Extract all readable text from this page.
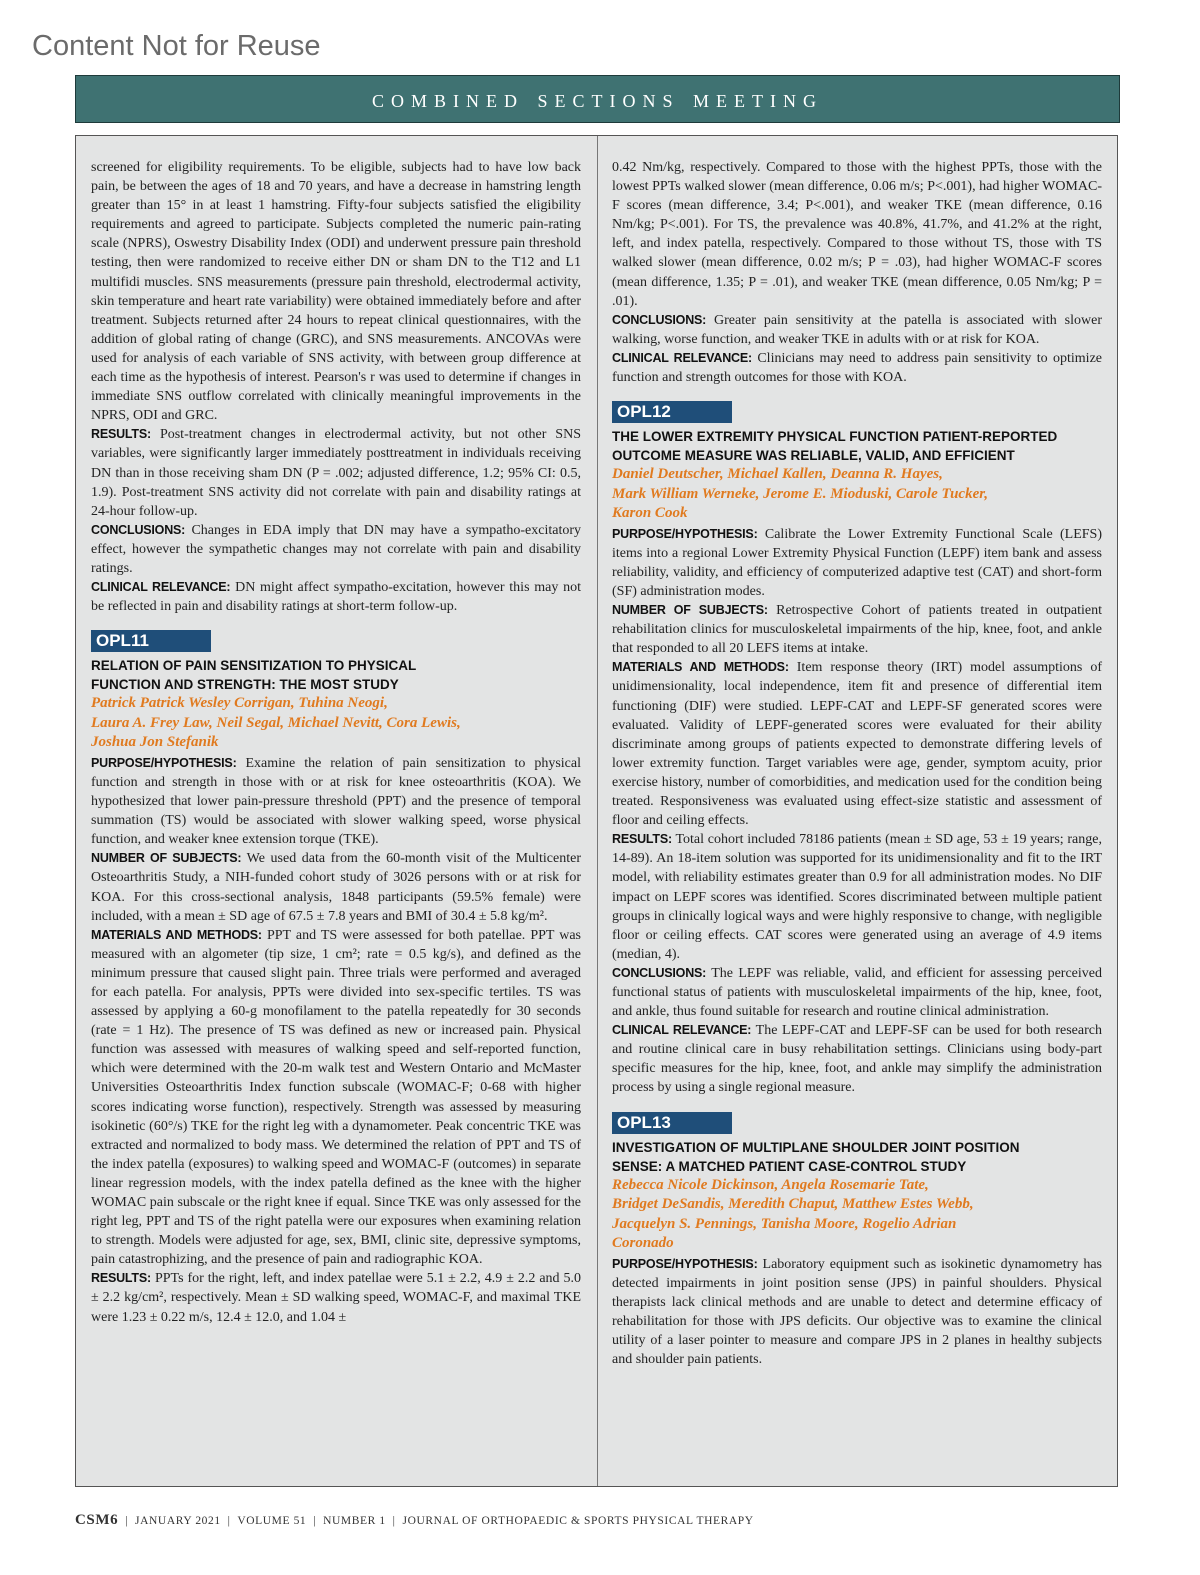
Content Not for Reuse
combined sections meeting

screened for eligibility requirements. To be eligible, subjects had to have low back pain, be between the ages of 18 and 70 years, and have a decrease in hamstring length greater than 15° in at least 1 hamstring. Fifty-four subjects satisfied the eligibility requirements and agreed to participate. Subjects completed the numeric pain-rating scale (NPRS), Oswestry Disability Index (ODI) and underwent pressure pain threshold testing, then were randomized to receive either DN or sham DN to the T12 and L1 multifidi muscles. SNS measurements (pressure pain threshold, electrodermal activity, skin temperature and heart rate variability) were obtained immediately before and after treatment. Subjects returned after 24 hours to repeat clinical questionnaires, with the addition of global rating of change (GRC), and SNS measurements. ANCOVAs were used for analysis of each variable of SNS activity, with between group difference at each time as the hypothesis of interest. Pearson's r was used to determine if changes in immediate SNS outflow correlated with clinically meaningful improvements in the NPRS, ODI and GRC.

RESULTS: Post-treatment changes in electrodermal activity, but not other SNS variables, were significantly larger immediately posttreatment in individuals receiving DN than in those receiving sham DN (P = .002; adjusted difference, 1.2; 95% CI: 0.5, 1.9). Post-treatment SNS activity did not correlate with pain and disability ratings at 24-hour follow-up.

CONCLUSIONS: Changes in EDA imply that DN may have a sympatho-excitatory effect, however the sympathetic changes may not correlate with pain and disability ratings.

CLINICAL RELEVANCE: DN might affect sympatho-excitation, however this may not be reflected in pain and disability ratings at short-term follow-up.

OPL11
RELATION OF PAIN SENSITIZATION TO PHYSICAL
FUNCTION AND STRENGTH: THE MOST STUDY
Patrick Patrick Wesley Corrigan, Tuhina Neogi,
Laura A. Frey Law, Neil Segal, Michael Nevitt, Cora Lewis,
Joshua Jon Stefanik

PURPOSE/HYPOTHESIS: Examine the relation of pain sensitization to physical function and strength in those with or at risk for knee osteoarthritis (KOA). We hypothesized that lower pain-pressure threshold (PPT) and the presence of temporal summation (TS) would be associated with slower walking speed, worse physical function, and weaker knee extension torque (TKE).

NUMBER OF SUBJECTS: We used data from the 60-month visit of the Multicenter Osteoarthritis Study, a NIH-funded cohort study of 3026 persons with or at risk for KOA. For this cross-sectional analysis, 1848 participants (59.5% female) were included, with a mean ± SD age of 67.5 ± 7.8 years and BMI of 30.4 ± 5.8 kg/m².

MATERIALS AND METHODS: PPT and TS were assessed for both patellae. PPT was measured with an algometer (tip size, 1 cm²; rate = 0.5 kg/s), and defined as the minimum pressure that caused slight pain. Three trials were performed and averaged for each patella. For analysis, PPTs were divided into sex-specific tertiles. TS was assessed by applying a 60-g monofilament to the patella repeatedly for 30 seconds (rate = 1 Hz). The presence of TS was defined as new or increased pain. Physical function was assessed with measures of walking speed and self-reported function, which were determined with the 20-m walk test and Western Ontario and McMaster Universities Osteoarthritis Index function subscale (WOMAC-F; 0-68 with higher scores indicating worse function), respectively. Strength was assessed by measuring isokinetic (60°/s) TKE for the right leg with a dynamometer. Peak concentric TKE was extracted and normalized to body mass. We determined the relation of PPT and TS of the index patella (exposures) to walking speed and WOMAC-F (outcomes) in separate linear regression models, with the index patella defined as the knee with the higher WOMAC pain subscale or the right knee if equal. Since TKE was only assessed for the right leg, PPT and TS of the right patella were our exposures when examining relation to strength. Models were adjusted for age, sex, BMI, clinic site, depressive symptoms, pain catastrophizing, and the presence of pain and radiographic KOA.

RESULTS: PPTs for the right, left, and index patellae were 5.1 ± 2.2, 4.9 ± 2.2 and 5.0 ± 2.2 kg/cm², respectively. Mean ± SD walking speed, WOMAC-F, and maximal TKE were 1.23 ± 0.22 m/s, 12.4 ± 12.0, and 1.04 ±

0.42 Nm/kg, respectively. Compared to those with the highest PPTs, those with the lowest PPTs walked slower (mean difference, 0.06 m/s; P<.001), had higher WOMAC-F scores (mean difference, 3.4; P<.001), and weaker TKE (mean difference, 0.16 Nm/kg; P<.001). For TS, the prevalence was 40.8%, 41.7%, and 41.2% at the right, left, and index patella, respectively. Compared to those without TS, those with TS walked slower (mean difference, 0.02 m/s; P = .03), had higher WOMAC-F scores (mean difference, 1.35; P = .01), and weaker TKE (mean difference, 0.05 Nm/kg; P = .01).

CONCLUSIONS: Greater pain sensitivity at the patella is associated with slower walking, worse function, and weaker TKE in adults with or at risk for KOA.

CLINICAL RELEVANCE: Clinicians may need to address pain sensitivity to optimize function and strength outcomes for those with KOA.

OPL12
THE LOWER EXTREMITY PHYSICAL FUNCTION PATIENT-REPORTED
OUTCOME MEASURE WAS RELIABLE, VALID, AND EFFICIENT
Daniel Deutscher, Michael Kallen, Deanna R. Hayes,
Mark William Werneke, Jerome E. Mioduski, Carole Tucker,
Karon Cook

PURPOSE/HYPOTHESIS: Calibrate the Lower Extremity Functional Scale (LEFS) items into a regional Lower Extremity Physical Function (LEPF) item bank and assess reliability, validity, and efficiency of computerized adaptive test (CAT) and short-form (SF) administration modes.

NUMBER OF SUBJECTS: Retrospective Cohort of patients treated in outpatient rehabilitation clinics for musculoskeletal impairments of the hip, knee, foot, and ankle that responded to all 20 LEFS items at intake.

MATERIALS AND METHODS: Item response theory (IRT) model assumptions of unidimensionality, local independence, item fit and presence of differential item functioning (DIF) were studied. LEPF-CAT and LEPF-SF generated scores were evaluated. Validity of LEPF-generated scores were evaluated for their ability discriminate among groups of patients expected to demonstrate differing levels of lower extremity function. Target variables were age, gender, symptom acuity, prior exercise history, number of comorbidities, and medication used for the condition being treated. Responsiveness was evaluated using effect-size statistic and assessment of floor and ceiling effects.

RESULTS: Total cohort included 78186 patients (mean ± SD age, 53 ± 19 years; range, 14-89). An 18-item solution was supported for its unidimensionality and fit to the IRT model, with reliability estimates greater than 0.9 for all administration modes. No DIF impact on LEPF scores was identified. Scores discriminated between multiple patient groups in clinically logical ways and were highly responsive to change, with negligible floor or ceiling effects. CAT scores were generated using an average of 4.9 items (median, 4).

CONCLUSIONS: The LEPF was reliable, valid, and efficient for assessing perceived functional status of patients with musculoskeletal impairments of the hip, knee, foot, and ankle, thus found suitable for research and routine clinical administration.

CLINICAL RELEVANCE: The LEPF-CAT and LEPF-SF can be used for both research and routine clinical care in busy rehabilitation settings. Clinicians using body-part specific measures for the hip, knee, foot, and ankle may simplify the administration process by using a single regional measure.

OPL13
INVESTIGATION OF MULTIPLANE SHOULDER JOINT POSITION
SENSE: A MATCHED PATIENT CASE-CONTROL STUDY
Rebecca Nicole Dickinson, Angela Rosemarie Tate,
Bridget DeSandis, Meredith Chaput, Matthew Estes Webb,
Jacquelyn S. Pennings, Tanisha Moore, Rogelio Adrian
Coronado

PURPOSE/HYPOTHESIS: Laboratory equipment such as isokinetic dynamometry has detected impairments in joint position sense (JPS) in painful shoulders. Physical therapists lack clinical methods and are unable to detect and determine efficacy of rehabilitation for those with JPS deficits. Our objective was to examine the clinical utility of a laser pointer to measure and compare JPS in 2 planes in healthy subjects and shoulder pain patients.

CSM6  |  JANUARY 2021  |  VOLUME 51  |  NUMBER 1  |  JOURNAL OF ORTHOPAEDIC & SPORTS PHYSICAL THERAPY
